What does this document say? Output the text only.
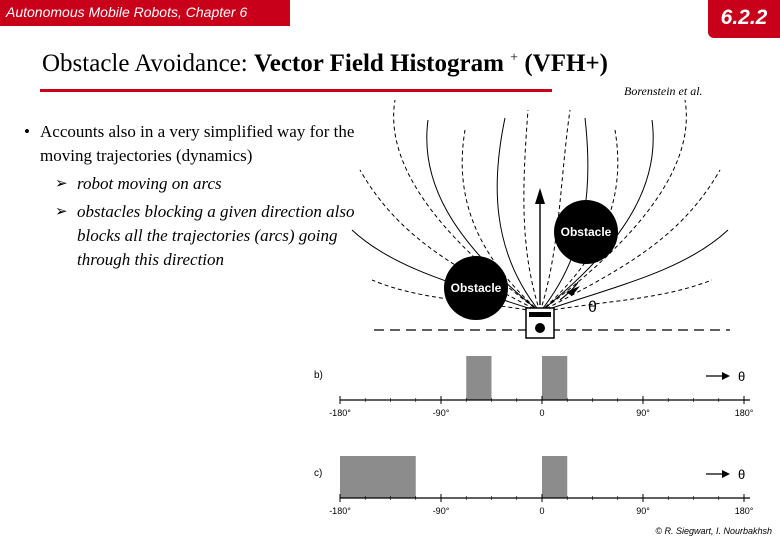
Autonomous Mobile Robots, Chapter 6	6.2.2
Obstacle Avoidance: Vector Field Histogram + (VFH+)
Borenstein et al.
• Accounts also in a very simplified way for the moving trajectories (dynamics)
➢ robot moving on arcs
➢ obstacles blocking a given direction also blocks all the trajectories (arcs) going through this direction
Obstacle
Obstacle
θ
-180°	-90°	0	90°	180°
b)	θ
-180°	-90°	0	90°	180°
c)	θ
© R. Siegwart, I. Nourbakhsh
